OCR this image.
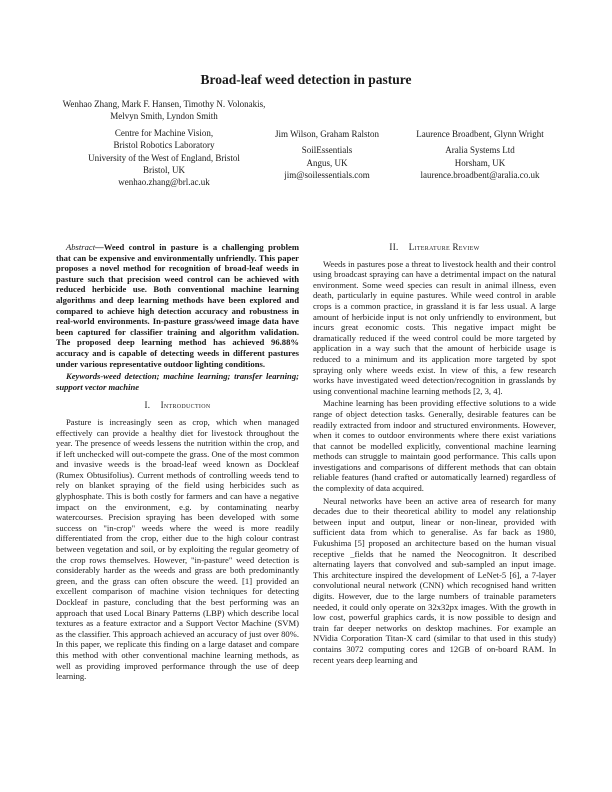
Broad-leaf weed detection in pasture
Wenhao Zhang, Mark F. Hansen, Timothy N. Volonakis, Melvyn Smith, Lyndon Smith
Centre for Machine Vision,
Bristol Robotics Laboratory
University of the West of England, Bristol
Bristol, UK
wenhao.zhang@brl.ac.uk
Jim Wilson, Graham Ralston
SoilEssentials
Angus, UK
jim@soilessentials.com
Laurence Broadbent, Glynn Wright
Aralia Systems Ltd
Horsham, UK
laurence.broadbent@aralia.co.uk

Abstract—Weed control in pasture is a challenging problem that can be expensive and environmentally unfriendly. This paper proposes a novel method for recognition of broad-leaf weeds in pasture such that precision weed control can be achieved with reduced herbicide use. Both conventional machine learning algorithms and deep learning methods have been explored and compared to achieve high detection accuracy and robustness in real-world environments. In-pasture grass/weed image data have been captured for classifier training and algorithm validation. The proposed deep learning method has achieved 96.88% accuracy and is capable of detecting weeds in different pastures under various representative outdoor lighting conditions.

Keywords-weed detection; machine learning; transfer learning; support vector machine

I. Introduction

Pasture is increasingly seen as crop, which when managed effectively can provide a healthy diet for livestock throughout the year. The presence of weeds lessens the nutrition within the crop, and if left unchecked will out-compete the grass. One of the most common and invasive weeds is the broad-leaf weed known as Dockleaf (Rumex Obtusifolius). Current methods of controlling weeds tend to rely on blanket spraying of the field using herbicides such as glyphosphate. This is both costly for farmers and can have a negative impact on the environment, e.g. by contaminating nearby watercourses. Precision spraying has been developed with some success on "in-crop" weeds where the weed is more readily differentiated from the crop, either due to the high colour contrast between vegetation and soil, or by exploiting the regular geometry of the crop rows themselves. However, "in-pasture" weed detection is considerably harder as the weeds and grass are both predominantly green, and the grass can often obscure the weed. [1] provided an excellent comparison of machine vision techniques for detecting Dockleaf in pasture, concluding that the best performing was an approach that used Local Binary Patterns (LBP) which describe local textures as a feature extractor and a Support Vector Machine (SVM) as the classifier. This approach achieved an accuracy of just over 80%. In this paper, we replicate this finding on a large dataset and compare this method with other conventional machine learning methods, as well as providing improved performance through the use of deep learning.

II. Literature Review

Weeds in pastures pose a threat to livestock health and their control using broadcast spraying can have a detrimental impact on the natural environment. Some weed species can result in animal illness, even death, particularly in equine pastures. While weed control in arable crops is a common practice, in grassland it is far less usual. A large amount of herbicide input is not only unfriendly to environment, but incurs great economic costs. This negative impact might be dramatically reduced if the weed control could be more targeted by application in a way such that the amount of herbicide usage is reduced to a minimum and its application more targeted by spot spraying only where weeds exist. In view of this, a few research works have investigated weed detection/recognition in grasslands by using conventional machine learning methods [2, 3, 4].

Machine learning has been providing effective solutions to a wide range of object detection tasks. Generally, desirable features can be readily extracted from indoor and structured environments. However, when it comes to outdoor environments where there exist variations that cannot be modelled explicitly, conventional machine learning methods can struggle to maintain good performance. This calls upon investigations and comparisons of different methods that can obtain reliable features (hand crafted or automatically learned) regardless of the complexity of data acquired.

Neural networks have been an active area of research for many decades due to their theoretical ability to model any relationship between input and output, linear or non-linear, provided with sufficient data from which to generalise. As far back as 1980, Fukushima [5] proposed an architecture based on the human visual receptive _fields that he named the Neocognitron. It described alternating layers that convolved and sub-sampled an input image. This architecture inspired the development of LeNet-5 [6], a 7-layer convolutional neural network (CNN) which recognised hand written digits. However, due to the large numbers of trainable parameters needed, it could only operate on 32x32px images. With the growth in low cost, powerful graphics cards, it is now possible to design and train far deeper networks on desktop machines. For example an NVidia Corporation Titan-X card (similar to that used in this study) contains 3072 computing cores and 12GB of on-board RAM. In recent years deep learning and
